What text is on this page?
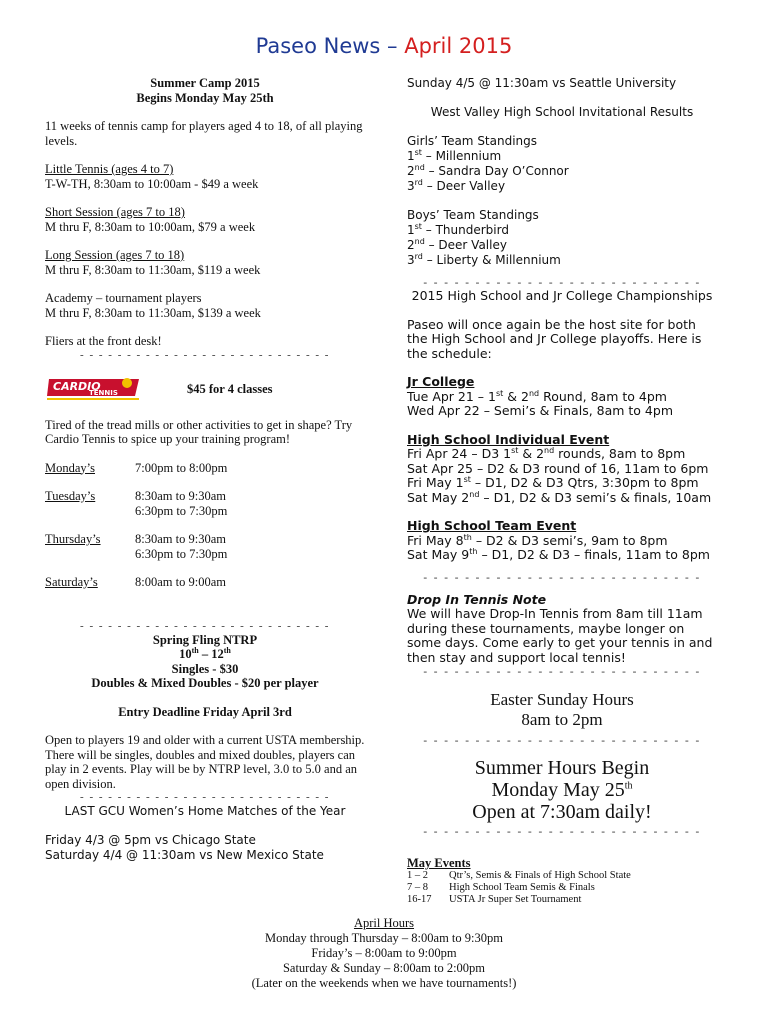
Paseo News – April 2015
Summer Camp 2015
Begins Monday May 25th
11 weeks of tennis camp for players aged 4 to 18, of all playing levels.
Little Tennis (ages 4 to 7)
T-W-TH, 8:30am to 10:00am - $49 a week
Short Session (ages 7 to 18)
M thru F, 8:30am to 10:00am, $79 a week
Long Session (ages 7 to 18)
M thru F, 8:30am to 11:30am, $119 a week
Academy – tournament players
M thru F, 8:30am to 11:30am, $139 a week
Fliers at the front desk!
- - - - - - - - - - - - - - - - - - - - - - - - - - -
CARDIO
TENNIS	$45 for 4 classes
Tired of the tread mills or other activities to get in shape? Try Cardio Tennis to spice up your training program!
Monday’s	7:00pm to 8:00pm
Tuesday’s	8:30am to 9:30am
6:30pm to 7:30pm
Thursday’s	8:30am to 9:30am
6:30pm to 7:30pm
Saturday’s	8:00am to 9:00am
- - - - - - - - - - - - - - - - - - - - - - - - - - -
Spring Fling NTRP
10th – 12th
Singles - $30
Doubles & Mixed Doubles - $20 per player
Entry Deadline Friday April 3rd
Open to players 19 and older with a current USTA membership. There will be singles, doubles and mixed doubles, players can play in 2 events. Play will be by NTRP level, 3.0 to 5.0 and an open division.
- - - - - - - - - - - - - - - - - - - - - - - - - - -
LAST GCU Women’s Home Matches of the Year
Friday 4/3 @ 5pm vs Chicago State
Saturday 4/4 @ 11:30am vs New Mexico State
Sunday 4/5 @ 11:30am vs Seattle University
West Valley High School Invitational Results
Girls’ Team Standings
1st – Millennium
2nd – Sandra Day O’Connor
3rd – Deer Valley
Boys’ Team Standings
1st – Thunderbird
2nd – Deer Valley
3rd – Liberty & Millennium
- - - - - - - - - - - - - - - - - - - - - - - - - - -
2015 High School and Jr College Championships
Paseo will once again be the host site for both the High School and Jr College playoffs. Here is the schedule:
Jr College
Tue Apr 21 – 1st & 2nd Round, 8am to 4pm
Wed Apr 22 – Semi’s & Finals, 8am to 4pm
High School Individual Event
Fri Apr 24 – D3 1st & 2nd rounds, 8am to 8pm
Sat Apr 25 – D2 & D3 round of 16, 11am to 6pm
Fri May 1st – D1, D2 & D3 Qtrs, 3:30pm to 8pm
Sat May 2nd – D1, D2 & D3 semi’s & finals, 10am
High School Team Event
Fri May 8th – D2 & D3 semi’s, 9am to 8pm
Sat May 9th – D1, D2 & D3 – finals, 11am to 8pm
- - - - - - - - - - - - - - - - - - - - - - - - - - -
Drop In Tennis Note
We will have Drop-In Tennis from 8am till 11am during these tournaments, maybe longer on some days. Come early to get your tennis in and then stay and support local tennis!
- - - - - - - - - - - - - - - - - - - - - - - - - - -
Easter Sunday Hours
8am to 2pm
- - - - - - - - - - - - - - - - - - - - - - - - - - -
Summer Hours Begin
Monday May 25th
Open at 7:30am daily!
- - - - - - - - - - - - - - - - - - - - - - - - - - -
May Events
1 – 2	Qtr’s, Semis & Finals of High School State
7 – 8	High School Team Semis & Finals
16-17	USTA Jr Super Set Tournament
April Hours
Monday through Thursday – 8:00am to 9:30pm
Friday’s – 8:00am to 9:00pm
Saturday & Sunday – 8:00am to 2:00pm
(Later on the weekends when we have tournaments!)
